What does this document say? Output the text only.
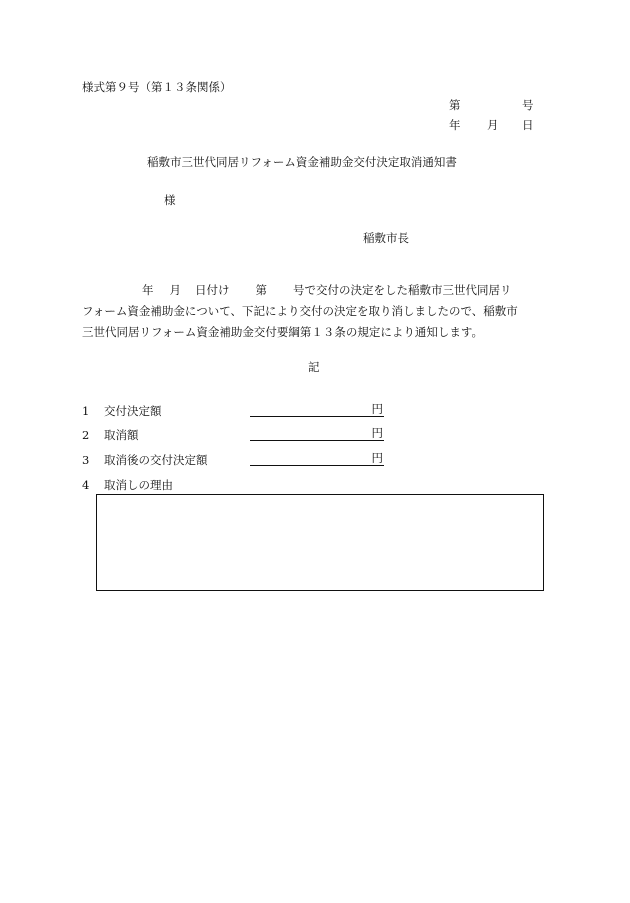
様式第９号（第１３条関係）
第	号
年 月 日
稲敷市三世代同居リフォーム資金補助金交付決定取消通知書
様
稲敷市長
年 月 日付け 第 号で交付の決定をした稲敷市三世代同居リ
フォーム資金補助金について、下記により交付の決定を取り消しましたので、稲敷市
三世代同居リフォーム資金補助金交付要綱第１３条の規定により通知します。
記
1 交付決定額	円
2 取消額	円
3 取消後の交付決定額	円
4 取消しの理由
